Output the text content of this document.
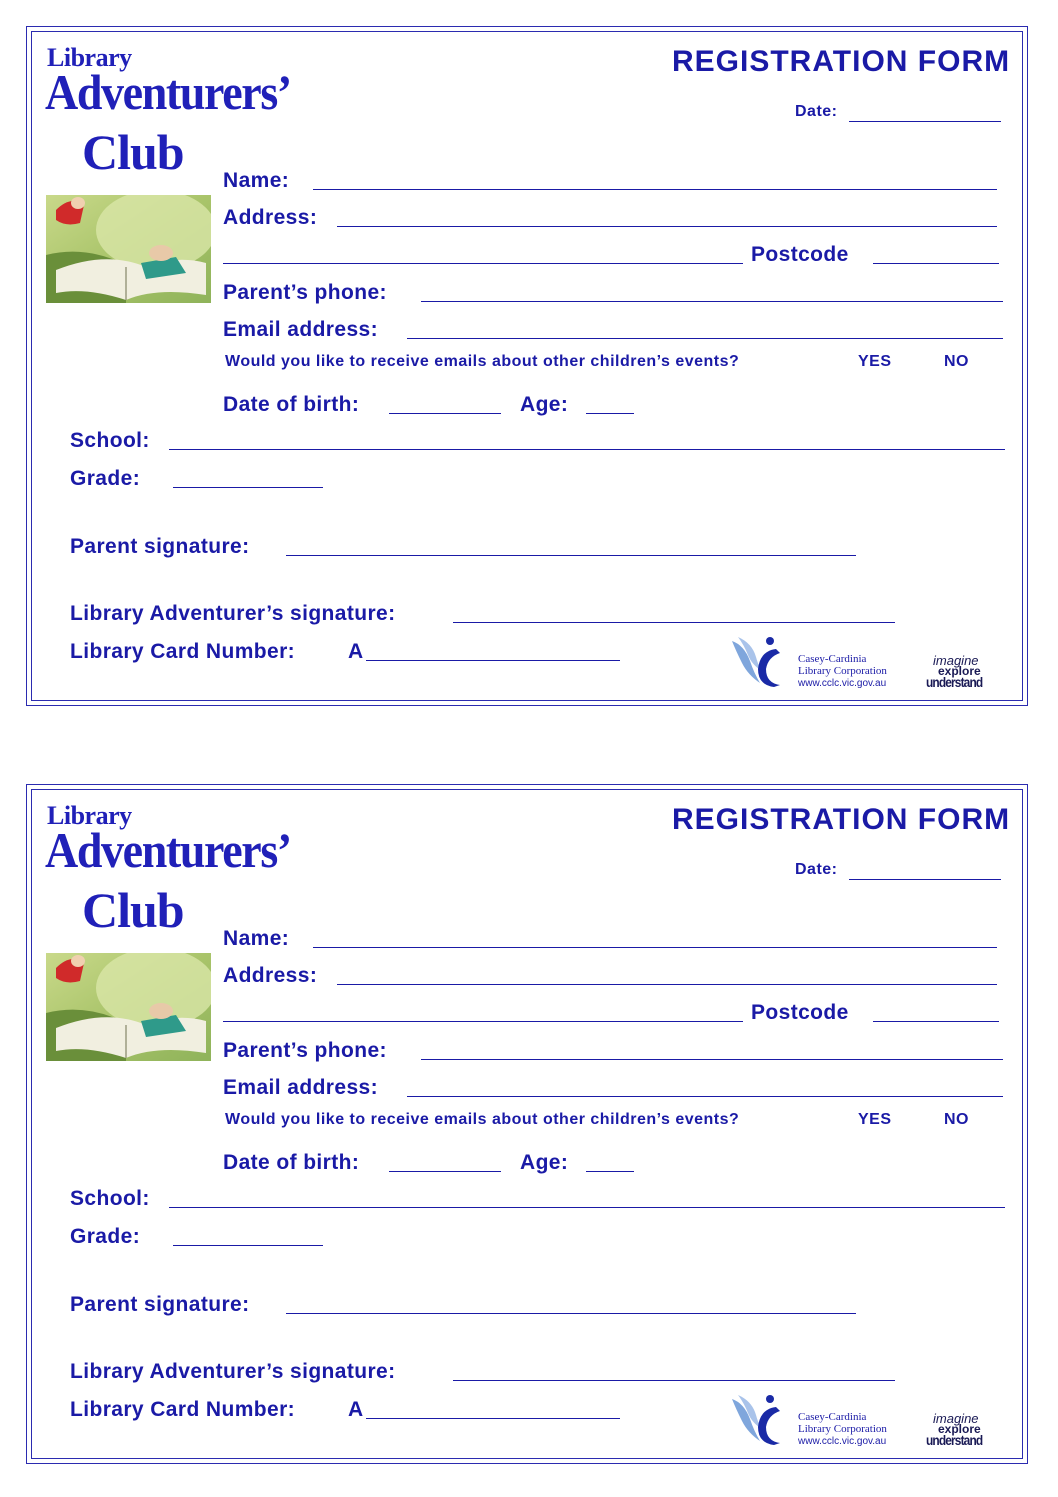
Library
Adventurers’
Club
REGISTRATION FORM
Date:
Name:
Address:
Postcode
Parent’s phone:
Email address:
Would you like to receive emails about other children’s events?	YES	NO
Date of birth:	Age:
School:
Grade:
Parent signature:
Library Adventurer’s signature:
Library Card Number:	A	Casey-Cardinia
Library Corporation
www.cclc.vic.gov.au
imagine
explore
understand
Library
Adventurers’
Club
REGISTRATION FORM
Date:
Name:
Address:
Postcode
Parent’s phone:
Email address:
Would you like to receive emails about other children’s events?	YES	NO
Date of birth:	Age:
School:
Grade:
Parent signature:
Library Adventurer’s signature:
Library Card Number:	A	Casey-Cardinia
Library Corporation
www.cclc.vic.gov.au
imagine
explore
understand
